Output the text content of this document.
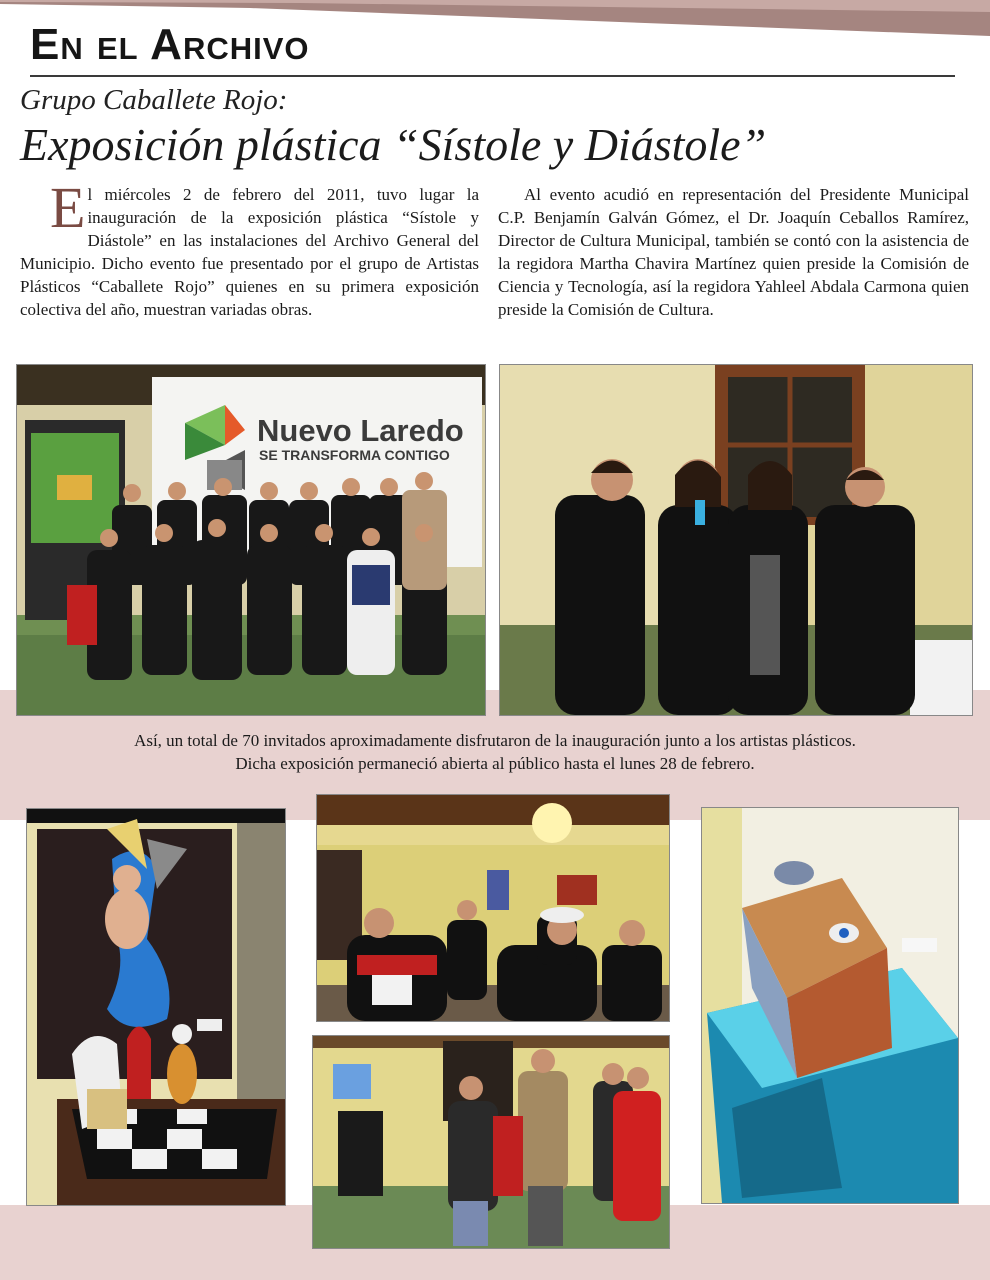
En el Archivo

Grupo Caballete Rojo:

Exposición plástica “Sístole y Diástole”

El miércoles 2 de febrero del 2011, tuvo lugar la inauguración de la exposición plástica “Sístole y Diástole” en las instalaciones del Archivo General del Municipio. Dicho evento fue presentado por el grupo de Artistas Plásticos “Caballete Rojo” quienes en su primera exposición colectiva del año, muestran variadas obras.

Al evento acudió en representación del Presidente Municipal C.P. Benjamín Galván Gómez, el Dr. Joaquín Ceballos Ramírez, Director de Cultura Municipal, también se contó con la asistencia de la regidora Martha Chavira Martínez quien preside la Comisión de Ciencia y Tecnología, así la regidora Yahleel Abdala Carmona quien preside la Comisión de Cultura.

Nuevo Laredo
SE TRANSFORMA CONTIGO

Así, un total de 70 invitados aproximadamente disfrutaron de la inauguración junto a los artistas plásticos.
Dicha exposición permaneció abierta al público hasta el lunes 28 de febrero.
